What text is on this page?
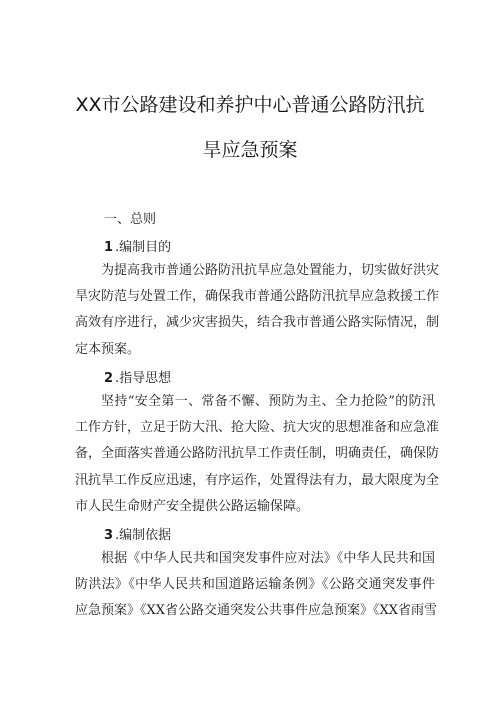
XX市公路建设和养护中心普通公路防汛抗
旱应急预案
一、总则
1 .编制目的
为提高我市普通公路防汛抗旱应急处置能力，切实做好洪灾
旱灾防范与处置工作，确保我市普通公路防汛抗旱应急救援工作
高效有序进行，减少灾害损失，结合我市普通公路实际情况，制
定本预案。
2 .指导思想
坚持“安全第一、常备不懈、预防为主、全力抢险”的防汛
工作方针，立足于防大汛、抢大险、抗大灾的思想准备和应急准
备，全面落实普通公路防汛抗旱工作责任制，明确责任，确保防
汛抗旱工作反应迅速，有序运作，处置得法有力，最大限度为全
市人民生命财产安全提供公路运输保障。
3 .编制依据
根据《中华人民共和国突发事件应对法》《中华人民共和国
防洪法》《中华人民共和国道路运输条例》《公路交通突发事件
应急预案》《XX省公路交通突发公共事件应急预案》《XX省雨雪
